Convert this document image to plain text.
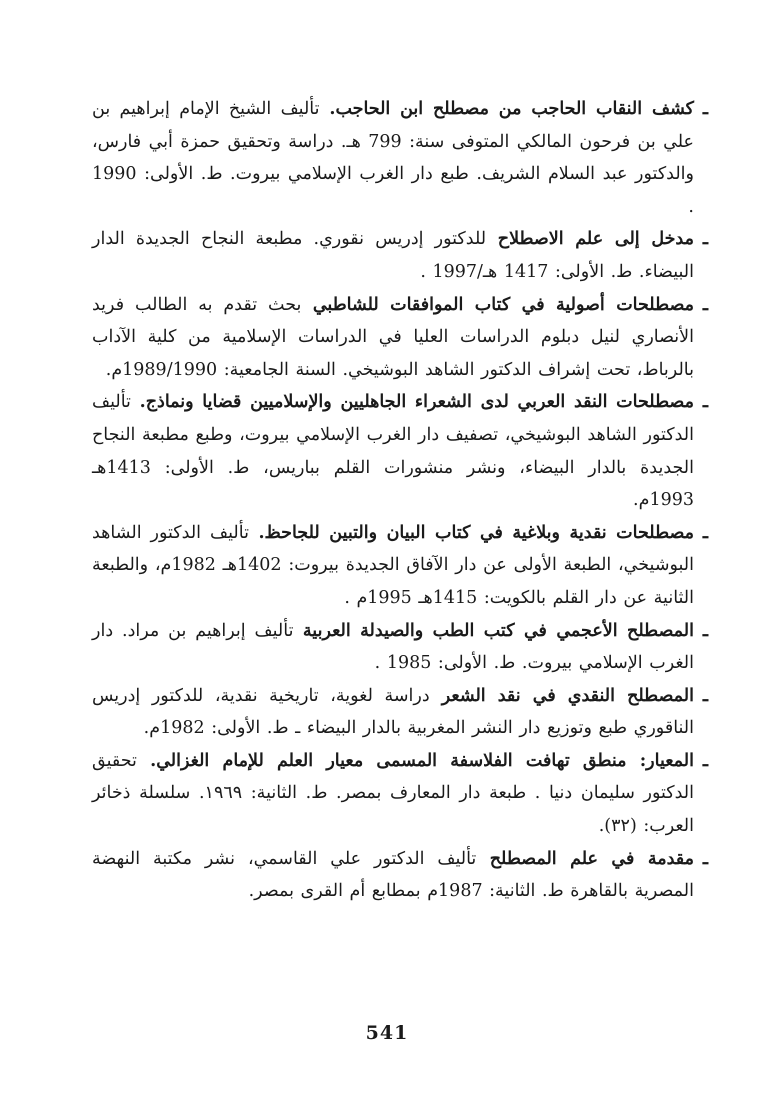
ـ
كشف النقاب الحاجب من مصطلح ابن الحاجب. تأليف الشيخ الإمام إبراهيم بن علي بن فرحون المالكي المتوفى سنة: 799 هـ. دراسة وتحقيق حمزة أبي فارس، والدكتور عبد السلام الشريف. طبع دار الغرب الإسلامي بيروت. ط. الأولى: 1990 .
ـ
مدخل إلى علم الاصطلاح للدكتور إدريس نقوري. مطبعة النجاح الجديدة الدار البيضاء. ط. الأولى: 1417 هـ/1997 .
ـ
مصطلحات أصولية في كتاب الموافقات للشاطبي بحث تقدم به الطالب فريد الأنصاري لنيل دبلوم الدراسات العليا في الدراسات الإسلامية من كلية الآداب بالرباط، تحت إشراف الدكتور الشاهد البوشيخي. السنة الجامعية: 1989/1990م.
ـ
مصطلحات النقد العربي لدى الشعراء الجاهليين والإسلاميين قضايا ونماذج. تأليف الدكتور الشاهد البوشيخي، تصفيف دار الغرب الإسلامي بيروت، وطبع مطبعة النجاح الجديدة بالدار البيضاء، ونشر منشورات القلم بباريس، ط. الأولى: 1413هـ 1993م.
ـ
مصطلحات نقدية وبلاغية في كتاب البيان والتبين للجاحظ. تأليف الدكتور الشاهد البوشيخي، الطبعة الأولى عن دار الآفاق الجديدة بيروت: 1402هـ 1982م، والطبعة الثانية عن دار القلم بالكويت: 1415هـ 1995م .
ـ
المصطلح الأعجمي في كتب الطب والصيدلة العربية تأليف إبراهيم بن مراد. دار الغرب الإسلامي بيروت. ط. الأولى: 1985 .
ـ
المصطلح النقدي في نقد الشعر دراسة لغوية، تاريخية نقدية، للدكتور إدريس الناقوري طبع وتوزيع دار النشر المغربية بالدار البيضاء ـ ط. الأولى: 1982م.
ـ
المعيار: منطق تهافت الفلاسفة المسمى معيار العلم للإمام الغزالي. تحقيق الدكتور سليمان دنيا . طبعة دار المعارف بمصر. ط. الثانية: ١٩٦٩. سلسلة ذخائر العرب: (٣٢).
ـ
مقدمة في علم المصطلح تأليف الدكتور علي القاسمي، نشر مكتبة النهضة المصرية بالقاهرة ط. الثانية: 1987م بمطابع أم القرى بمصر.
541
